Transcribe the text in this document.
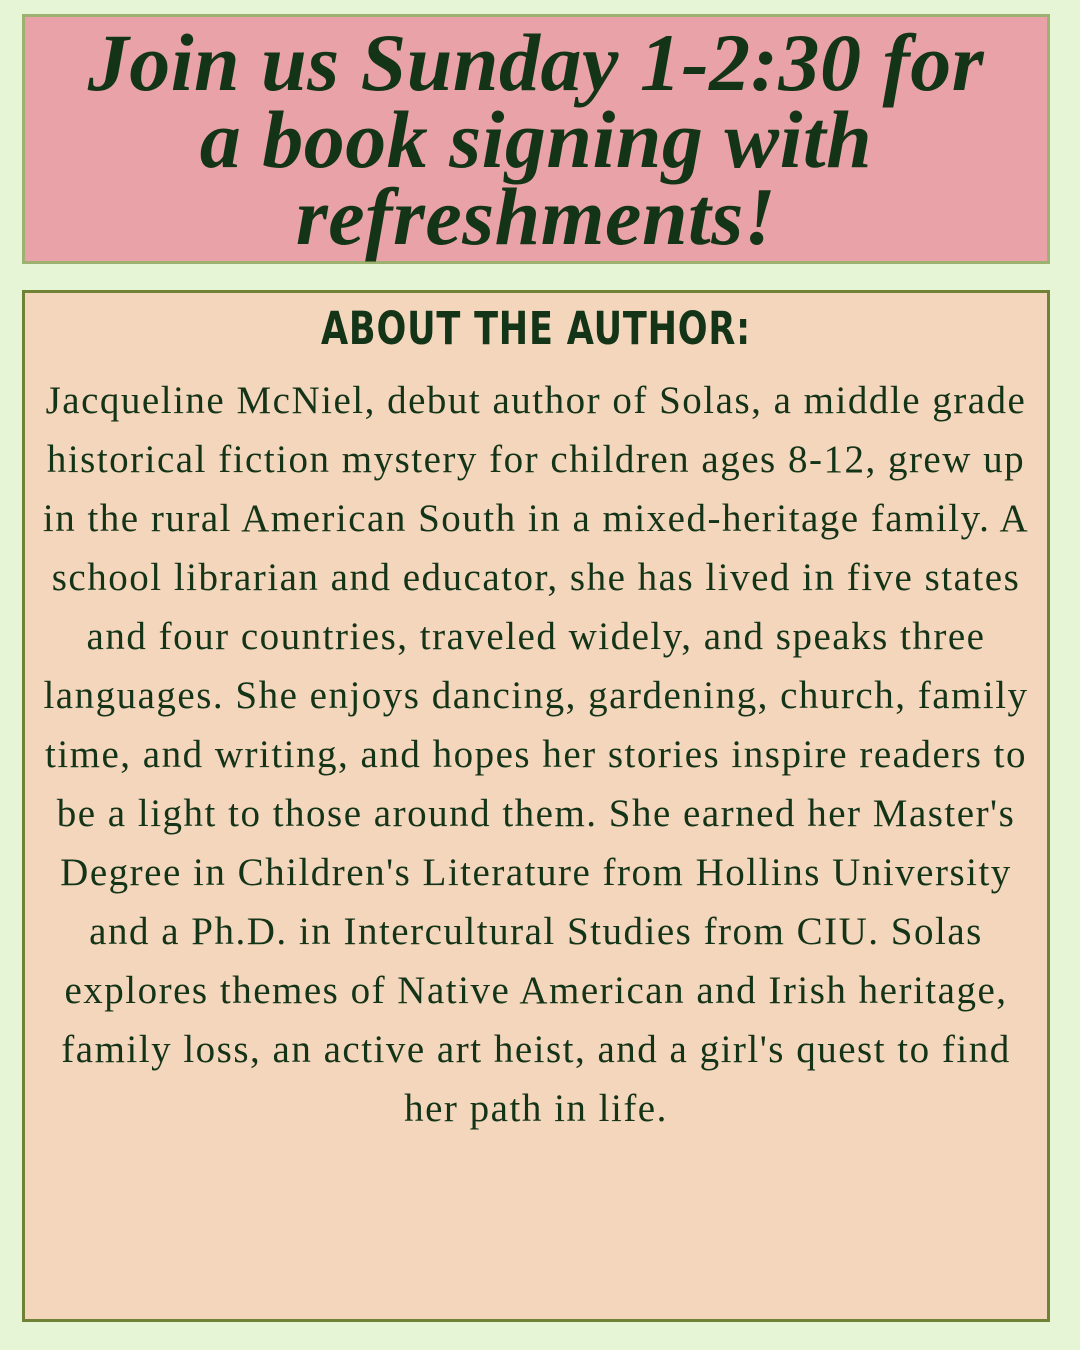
Join us Sunday 1-2:30 for a book signing with refreshments!
ABOUT THE AUTHOR:

Jacqueline McNiel, debut author of Solas, a middle grade historical fiction mystery for children ages 8-12, grew up in the rural American South in a mixed-heritage family. A school librarian and educator, she has lived in five states and four countries, traveled widely, and speaks three languages. She enjoys dancing, gardening, church, family time, and writing, and hopes her stories inspire readers to be a light to those around them. She earned her Master's Degree in Children's Literature from Hollins University and a Ph.D. in Intercultural Studies from CIU. Solas explores themes of Native American and Irish heritage, family loss, an active art heist, and a girl's quest to find her path in life.
